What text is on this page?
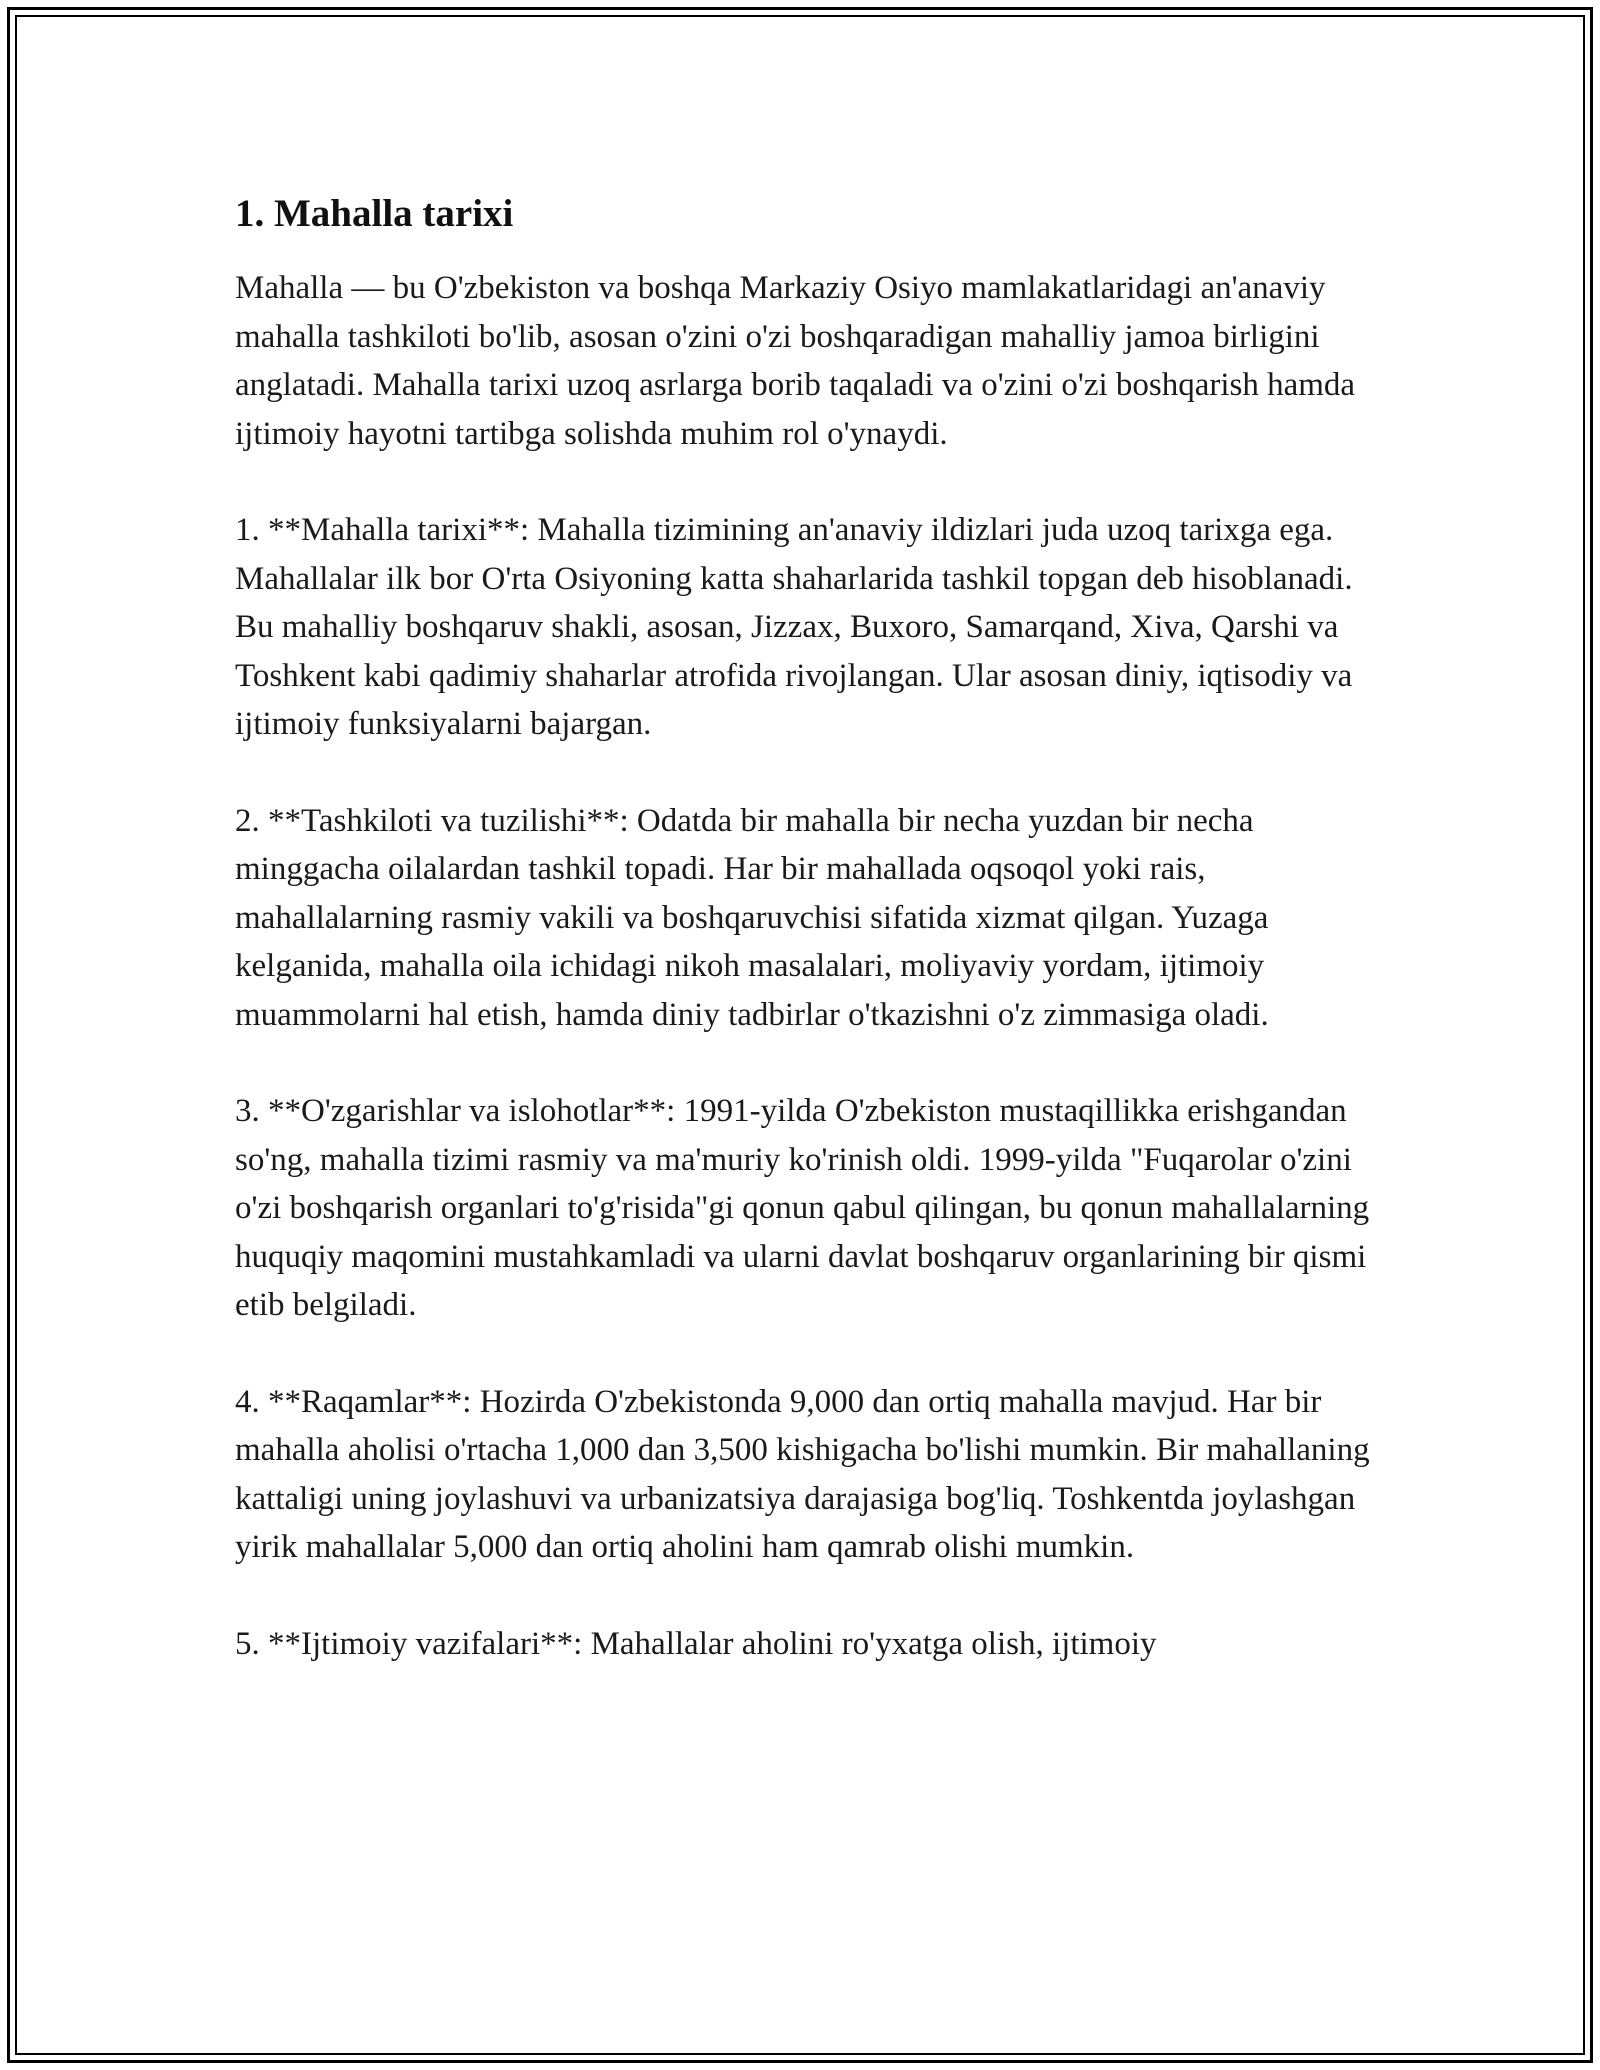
1. Mahalla tarixi

Mahalla — bu O'zbekiston va boshqa Markaziy Osiyo mamlakatlaridagi an'anaviy mahalla tashkiloti bo'lib, asosan o'zini o'zi boshqaradigan mahalliy jamoa birligini anglatadi. Mahalla tarixi uzoq asrlarga borib taqaladi va o'zini o'zi boshqarish hamda ijtimoiy hayotni tartibga solishda muhim rol o'ynaydi.

1. **Mahalla tarixi**: Mahalla tizimining an'anaviy ildizlari juda uzoq tarixga ega. Mahallalar ilk bor O'rta Osiyoning katta shaharlarida tashkil topgan deb hisoblanadi. Bu mahalliy boshqaruv shakli, asosan, Jizzax, Buxoro, Samarqand, Xiva, Qarshi va Toshkent kabi qadimiy shaharlar atrofida rivojlangan. Ular asosan diniy, iqtisodiy va ijtimoiy funksiyalarni bajargan.

2. **Tashkiloti va tuzilishi**: Odatda bir mahalla bir necha yuzdan bir necha minggacha oilalardan tashkil topadi. Har bir mahallada oqsoqol yoki rais, mahallalarning rasmiy vakili va boshqaruvchisi sifatida xizmat qilgan. Yuzaga kelganida, mahalla oila ichidagi nikoh masalalari, moliyaviy yordam, ijtimoiy muammolarni hal etish, hamda diniy tadbirlar o'tkazishni o'z zimmasiga oladi.

3. **O'zgarishlar va islohotlar**: 1991-yilda O'zbekiston mustaqillikka erishgandan so'ng, mahalla tizimi rasmiy va ma'muriy ko'rinish oldi. 1999-yilda "Fuqarolar o'zini o'zi boshqarish organlari to'g'risida"gi qonun qabul qilingan, bu qonun mahallalarning huquqiy maqomini mustahkamladi va ularni davlat boshqaruv organlarining bir qismi etib belgiladi.

4. **Raqamlar**: Hozirda O'zbekistonda 9,000 dan ortiq mahalla mavjud. Har bir mahalla aholisi o'rtacha 1,000 dan 3,500 kishigacha bo'lishi mumkin. Bir mahallaning kattaligi uning joylashuvi va urbanizatsiya darajasiga bog'liq. Toshkentda joylashgan yirik mahallalar 5,000 dan ortiq aholini ham qamrab olishi mumkin.

5. **Ijtimoiy vazifalari**: Mahallalar aholini ro'yxatga olish, ijtimoiy
